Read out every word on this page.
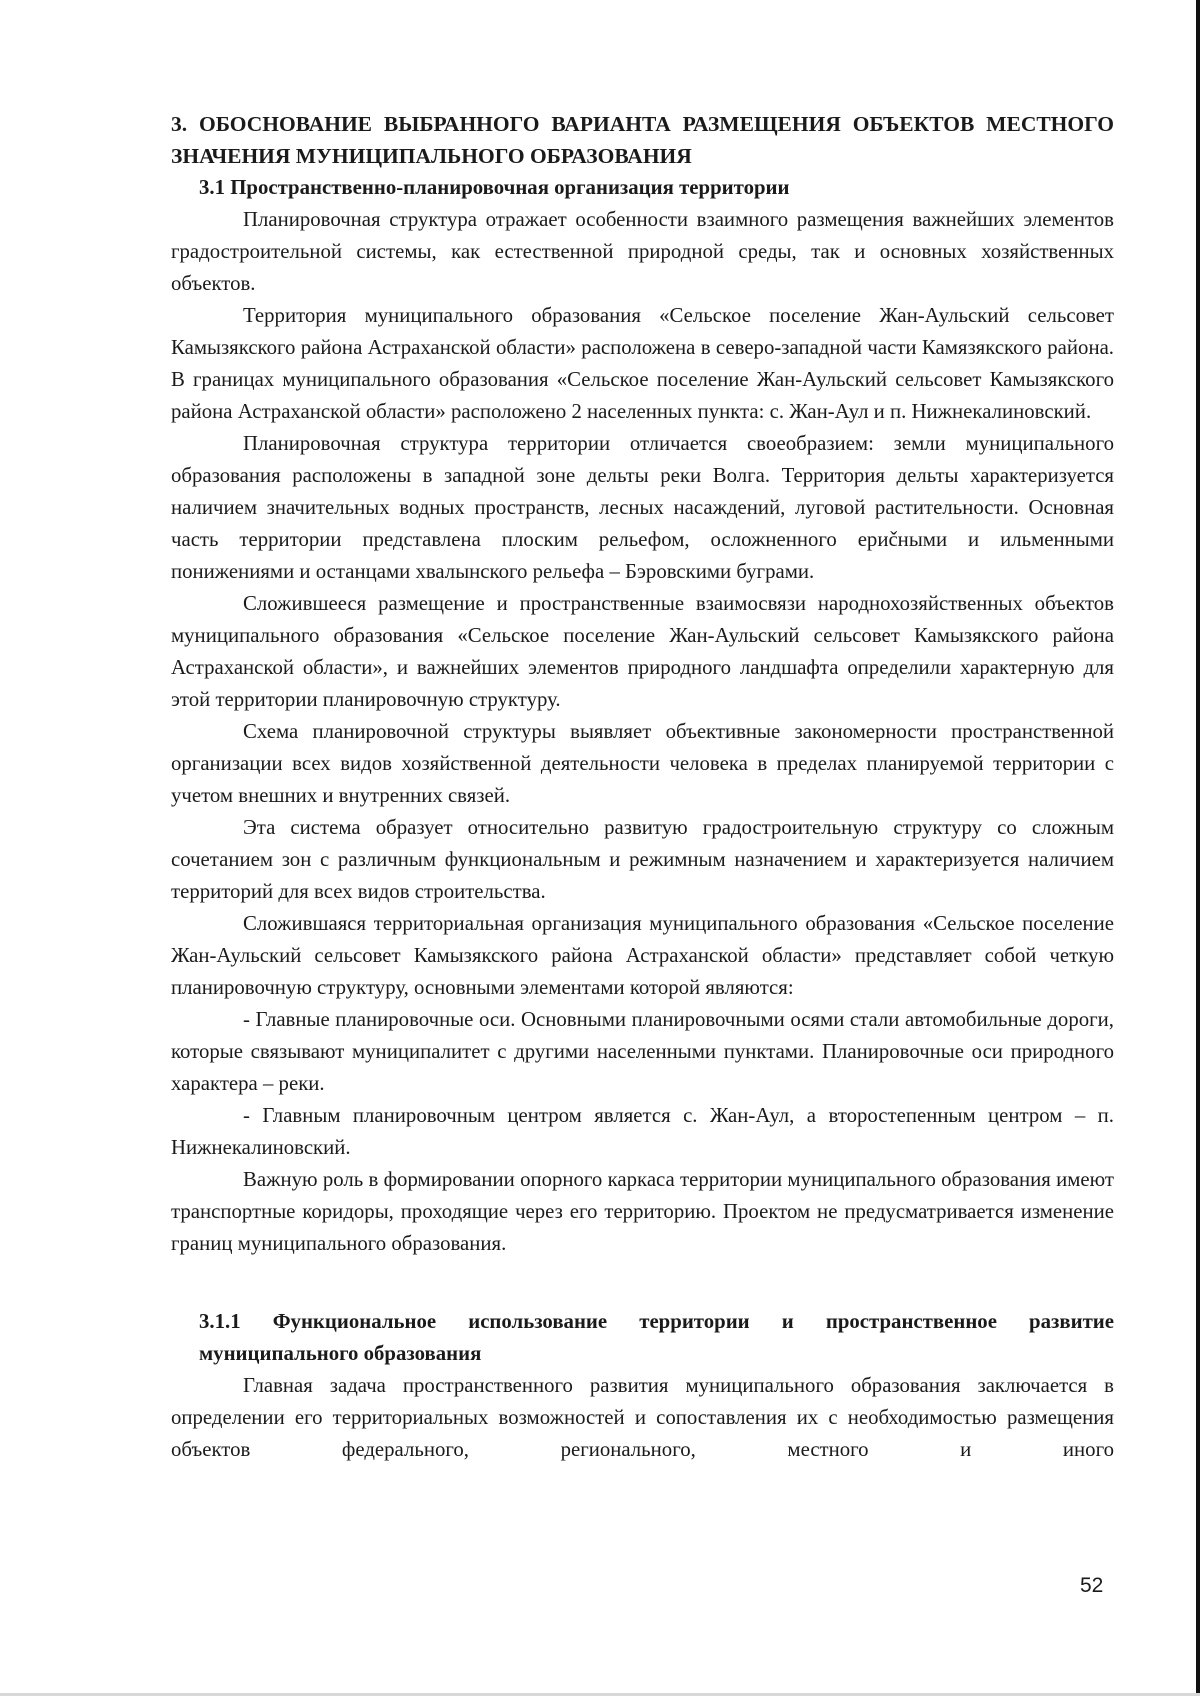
3. ОБОСНОВАНИЕ ВЫБРАННОГО ВАРИАНТА РАЗМЕЩЕНИЯ ОБЪЕКТОВ МЕСТНОГО ЗНАЧЕНИЯ МУНИЦИПАЛЬНОГО ОБРАЗОВАНИЯ
3.1 Пространственно-планировочная организация территории

Планировочная структура отражает особенности взаимного размещения важнейших элементов градостроительной системы, как естественной природной среды, так и основных хозяйственных объектов.

Территория муниципального образования «Сельское поселение Жан-Аульский сельсовет Камызякского района Астраханской области» расположена в северо-западной части Камязякского района. В границах муниципального образования «Сельское поселение Жан-Аульский сельсовет Камызякского района Астраханской области» расположено 2 населенных пункта: с. Жан-Аул и п. Нижнекалиновский.

Планировочная структура территории отличается своеобразием: земли муниципального образования расположены в западной зоне дельты реки Волга. Территория дельты характеризуется наличием значительных водных пространств, лесных насаждений, луговой растительности. Основная часть территории представлена плоским рельефом, осложненного ериčными и ильменными понижениями и останцами хвалынского рельефа – Бэровскими буграми.

Сложившееся размещение и пространственные взаимосвязи народнохозяйственных объектов муниципального образования «Сельское поселение Жан-Аульский сельсовет Камызякского района Астраханской области», и важнейших элементов природного ландшафта определили характерную для этой территории планировочную структуру.

Схема планировочной структуры выявляет объективные закономерности пространственной организации всех видов хозяйственной деятельности человека в пределах планируемой территории с учетом внешних и внутренних связей.

Эта система образует относительно развитую градостроительную структуру со сложным сочетанием зон с различным функциональным и режимным назначением и характеризуется наличием территорий для всех видов строительства.

Сложившаяся территориальная организация муниципального образования «Сельское поселение Жан-Аульский сельсовет Камызякского района Астраханской области» представляет собой четкую планировочную структуру, основными элементами которой являются:

- Главные планировочные оси. Основными планировочными осями стали автомобильные дороги, которые связывают муниципалитет с другими населенными пунктами. Планировочные оси природного характера – реки.

- Главным планировочным центром является с. Жан-Аул, а второстепенным центром – п. Нижнекалиновский.

Важную роль в формировании опорного каркаса территории муниципального образования имеют транспортные коридоры, проходящие через его территорию. Проектом не предусматривается изменение границ муниципального образования.

3.1.1 Функциональное использование территории и пространственное развитие муниципального образования

Главная задача пространственного развития муниципального образования заключается в определении его территориальных возможностей и сопоставления их с необходимостью размещения объектов федерального, регионального, местного и иного

52
